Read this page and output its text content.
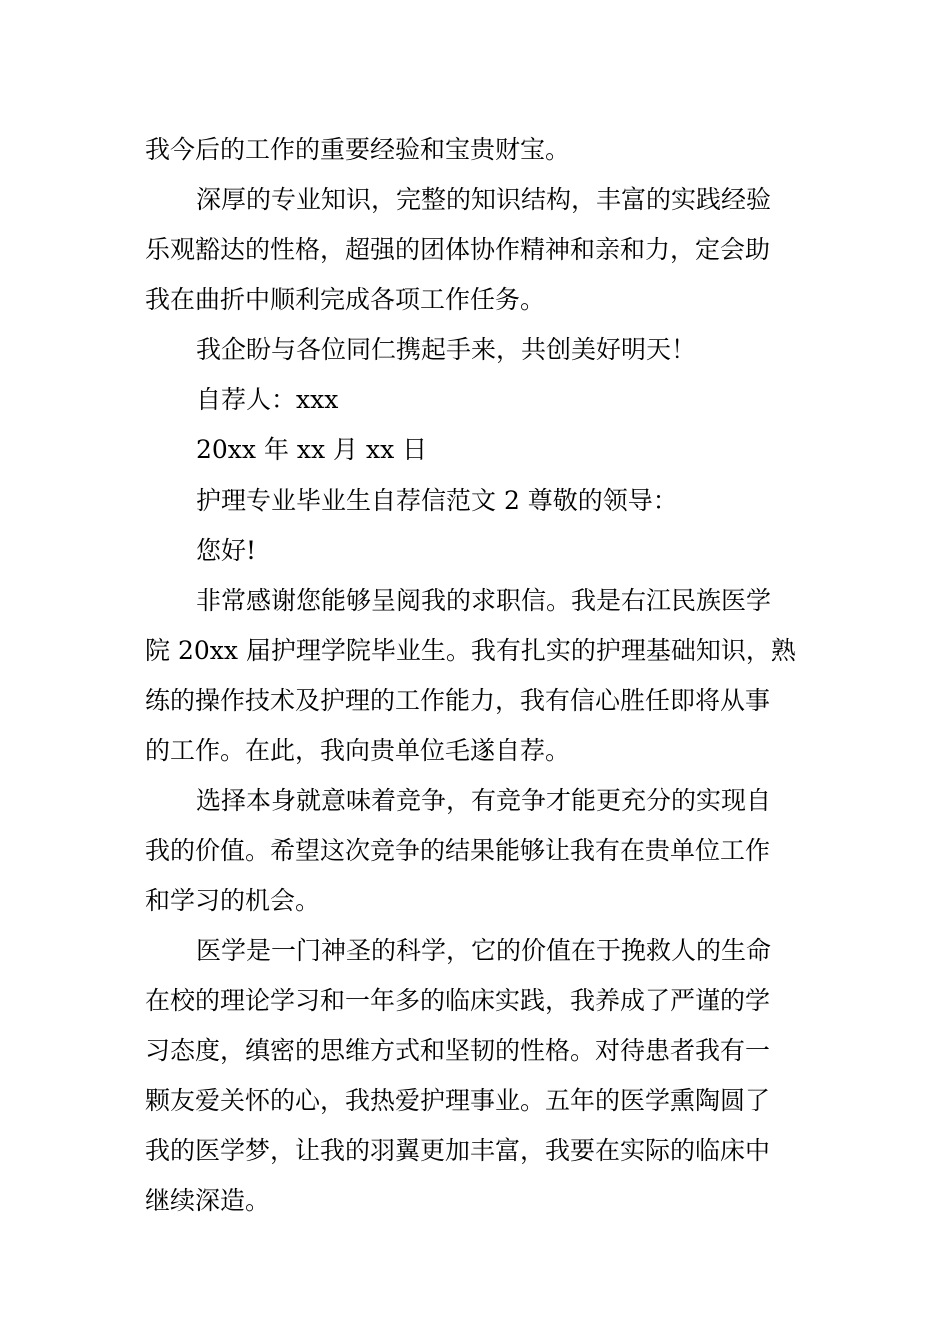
我今后的工作的重要经验和宝贵财宝。

深厚的专业知识，完整的知识结构，丰富的实践经验

乐观豁达的性格，超强的团体协作精神和亲和力，定会助

我在曲折中顺利完成各项工作任务。

我企盼与各位同仁携起手来，共创美好明天！

自荐人：xxx

20xx 年 xx 月 xx 日

护理专业毕业生自荐信范文 2 尊敬的领导：

您好!

非常感谢您能够呈阅我的求职信。我是右江民族医学

院 20xx 届护理学院毕业生。我有扎实的护理基础知识，熟

练的操作技术及护理的工作能力，我有信心胜任即将从事

的工作。在此，我向贵单位毛遂自荐。

选择本身就意味着竞争，有竞争才能更充分的实现自

我的价值。希望这次竞争的结果能够让我有在贵单位工作

和学习的机会。

医学是一门神圣的科学，它的价值在于挽救人的生命

在校的理论学习和一年多的临床实践，我养成了严谨的学

习态度，缜密的思维方式和坚韧的性格。对待患者我有一

颗友爱关怀的心，我热爱护理事业。五年的医学熏陶圆了

我的医学梦，让我的羽翼更加丰富，我要在实际的临床中

继续深造。
